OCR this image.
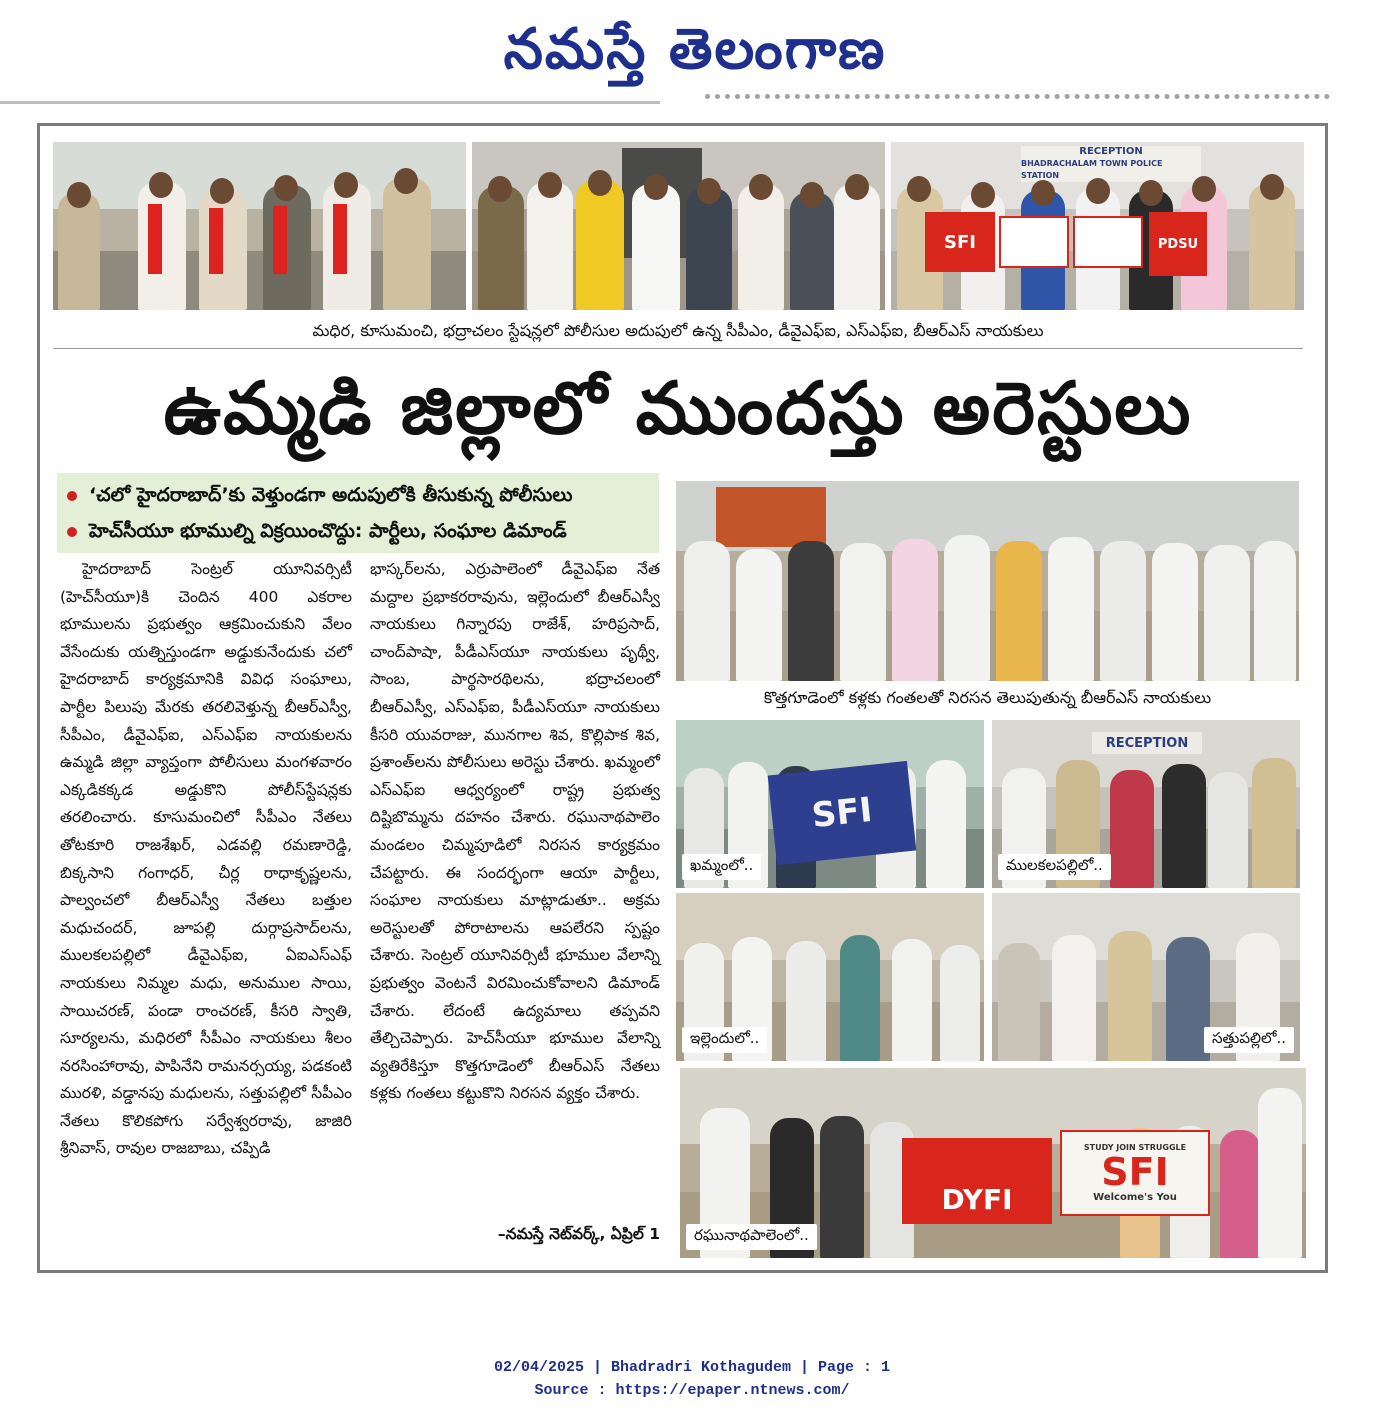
నమస్తే తెలంగాణ
RECEPTION
BHADRACHALAM TOWN POLICE STATION
SFI	PDSU
మధిర, కూసుమంచి, భద్రాచలం స్టేషన్లలో పోలీసుల అదుపులో ఉన్న సీపీఎం, డీవైఎఫ్ఐ, ఎస్ఎఫ్ఐ, బీఆర్ఎస్ నాయకులు
ఉమ్మడి జిల్లాలో ముందస్తు అరెస్టులు
‘చలో హైదరాబాద్’కు వెళ్తుండగా అదుపులోకి తీసుకున్న పోలీసులు
హెచ్‌సీయూ భూముల్ని విక్రయించొద్దు: పార్టీలు, సంఘాల డిమాండ్

హైదరాబాద్ సెంట్రల్ యూనివర్సిటీ (హెచ్‌సీయూ)కి చెందిన 400 ఎకరాల భూములను ప్రభుత్వం ఆక్రమించుకుని వేలం వేసేందుకు యత్నిస్తుండగా అడ్డుకునేందుకు చలో హైదరాబాద్ కార్యక్రమానికి వివిధ సంఘాలు, పార్టీల పిలుపు మేరకు తరలివెళ్తున్న బీఆర్ఎస్వీ, సీపీఎం, డీవైఎఫ్ఐ, ఎస్ఎఫ్ఐ నాయకులను ఉమ్మడి జిల్లా వ్యాప్తంగా పోలీసులు మంగళవారం ఎక్కడికక్కడ అడ్డుకొని పోలీస్‌స్టేషన్లకు తరలించారు. కూసుమంచిలో సీపీఎం నేతలు తోటకూరి రాజశేఖర్, ఎడవల్లి రమణారెడ్డి, బిక్కసాని గంగాధర్, చీర్ల రాధాకృష్ణలను, పాల్వంచలో బీఆర్ఎస్వీ నేతలు బత్తుల మధుచందర్, జూపల్లి దుర్గాప్రసాద్‌లను, ములకలపల్లిలో డీవైఎఫ్ఐ, ఏఐఎస్ఎఫ్ నాయకులు నిమ్మల మధు, అనుముల సాయి, సాయిచరణ్, పండా రాంచరణ్, కీసరి స్వాతి, సూర్యలను, మధిరలో సీపీఎం నాయకులు శీలం నరసింహారావు, పాపినేని రామనర్సయ్య, పడకంటి మురళి, వడ్డానపు మధులను, సత్తుపల్లిలో సీపీఎం నేతలు కొలికపోగు సర్వేశ్వరరావు, జాజిరి శ్రీనివాస్, రావుల రాజబాబు, చప్పిడి

భాస్కర్‌లను, ఎర్రుపాలెంలో డీవైఎఫ్ఐ నేత మద్దాల ప్రభాకరరావును, ఇల్లెందులో బీఆర్ఎస్వీ నాయకులు గిన్నారపు రాజేశ్, హరిప్రసాద్, చాంద్‌పాషా, పీడీఎస్‌యూ నాయకులు పృథ్వీ, సాంబ, పార్థసారథిలను, భద్రాచలంలో బీఆర్ఎస్వీ, ఎస్ఎఫ్ఐ, పీడీఎస్‌యూ నాయకులు కీసరి యువరాజు, మునగాల శివ, కొల్లిపాక శివ, ప్రశాంత్‌లను పోలీసులు అరెస్టు చేశారు. ఖమ్మంలో ఎస్ఎఫ్ఐ ఆధ్వర్యంలో రాష్ట్ర ప్రభుత్వ దిష్టిబొమ్మను దహనం చేశారు. రఘునాథపాలెం మండలం చిమ్మపూడిలో నిరసన కార్యక్రమం చేపట్టారు. ఈ సందర్భంగా ఆయా పార్టీలు, సంఘాల నాయకులు మాట్లాడుతూ.. అక్రమ అరెస్టులతో పోరాటాలను ఆపలేరని స్పష్టం చేశారు. సెంట్రల్ యూనివర్సిటీ భూముల వేలాన్ని ప్రభుత్వం వెంటనే విరమించుకోవాలని డిమాండ్ చేశారు. లేదంటే ఉద్యమాలు తప్పవని తేల్చిచెప్పారు. హెచ్‌సీయూ భూముల వేలాన్ని వ్యతిరేకిస్తూ కొత్తగూడెంలో బీఆర్ఎస్ నేతలు కళ్లకు గంతలు కట్టుకొని నిరసన వ్యక్తం చేశారు.

–నమస్తే నెట్‌వర్క్, ఏప్రిల్ 1
కొత్తగూడెంలో కళ్లకు గంతలతో నిరసన తెలుపుతున్న బీఆర్ఎస్ నాయకులు
SFI
ఖమ్మంలో..
RECEPTION
ములకలపల్లిలో..
ఇల్లెందులో..	సత్తుపల్లిలో..
DYFI
STUDY JOIN STRUGGLE
SFI
Welcome's You
రఘునాథపాలెంలో..
02/04/2025 | Bhadradri Kothagudem | Page : 1
Source : https://epaper.ntnews.com/
